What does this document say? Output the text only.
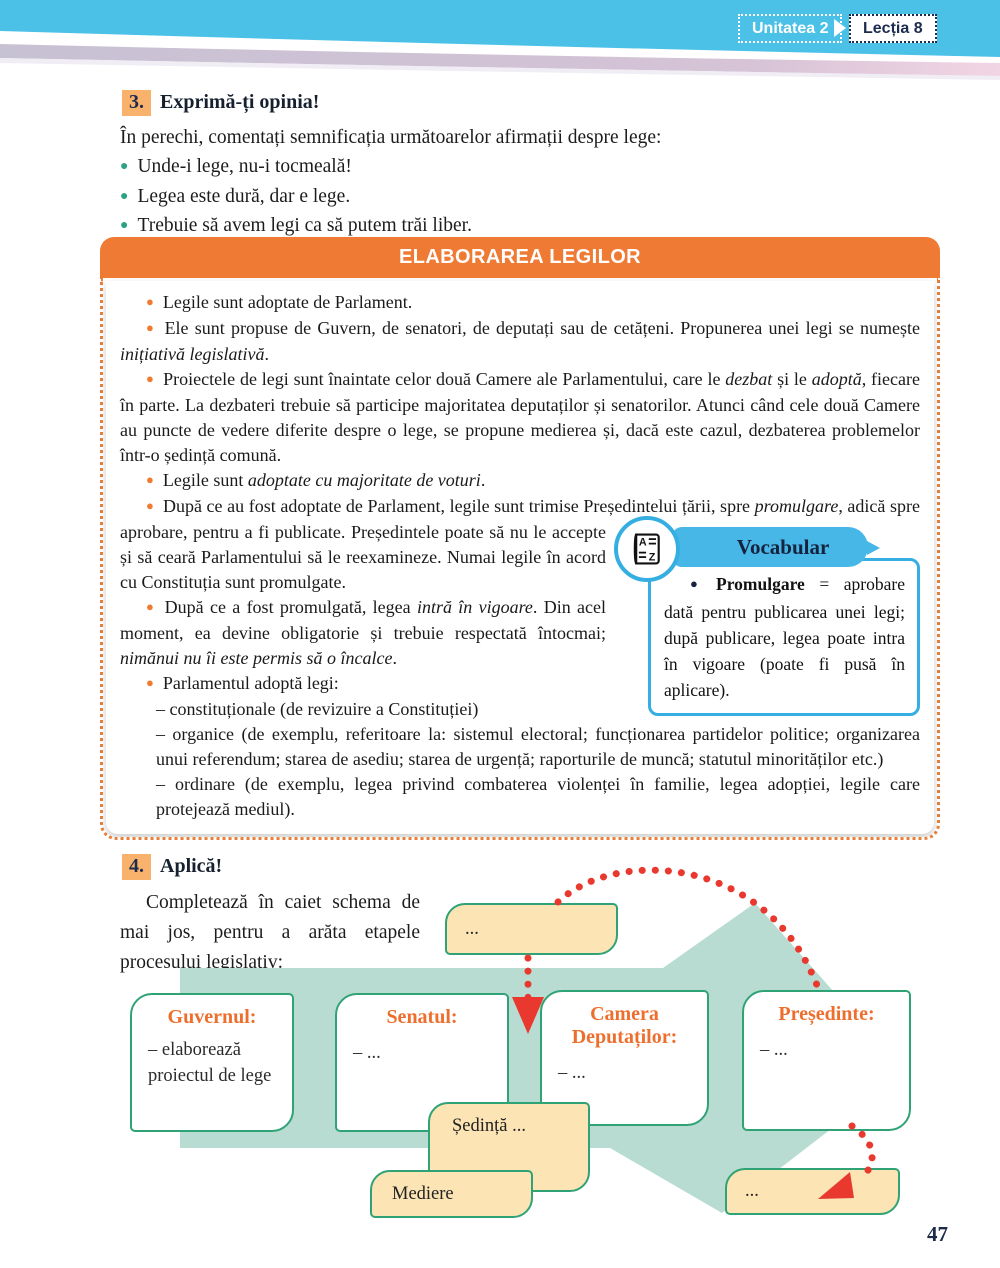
Unitatea 2	Lecția 8
3. Exprimă-ți opinia!
În perechi, comentați semnificația următoarelor afirmații despre lege:
● Unde-i lege, nu-i tocmeală!
● Legea este dură, dar e lege.
● Trebuie să avem legi ca să putem trăi liber.
ELABORAREA LEGILOR

● Legile sunt adoptate de Parlament.

● Ele sunt propuse de Guvern, de senatori, de deputați sau de cetățeni. Propunerea unei legi se numește inițiativă legislativă.

● Proiectele de legi sunt înaintate celor două Camere ale Parlamentului, care le dezbat și le adoptă, fiecare în parte. La dezbateri trebuie să participe majoritatea deputaților și senatorilor. Atunci când cele două Camere au puncte de vedere diferite despre o lege, se propune medierea și, dacă este cazul, dezbaterea problemelor într-o ședință comună.

● Legile sunt adoptate cu majoritate de voturi.

● După ce au fost adoptate de Parlament, legile sunt trimise Președintelui țării, spre promulgare,
A
Z	Vocabular
● Promulgare = aprobare dată pentru publicarea unei legi; după publicare, legea poate intra în vigoare (poate fi pusă în aplicare).
adică spre aprobare, pentru a fi publicate. Președintele poate să nu le accepte și să ceară Parlamentului să le reexamineze. Numai legile în acord cu Constituția sunt promulgate.

● După ce a fost promulgată, legea intră în vigoare. Din acel moment, ea devine obligatorie și trebuie respectată întocmai; nimănui nu îi este permis să o încalce.

● Parlamentul adoptă legi:

– constituționale (de revizuire a Constituției)

– organice (de exemplu, referitoare la: sistemul electoral; funcționarea partidelor politice; organizarea unui referendum; starea de asediu; starea de urgență; raporturile de muncă; statutul minorităților etc.)

– ordinare (de exemplu, legea privind combaterea violenței în familie, legea adopției, legile care protejează mediul).

4. Aplică!
Completează în caiet schema de mai jos, pentru a arăta etapele procesului legislativ:
...
Guvernul:
– elaborează proiectul de lege
Senatul:
– ...
Camera Deputaților:
– ...
Președinte:
– ...
Ședință ...
Mediere	...
47
